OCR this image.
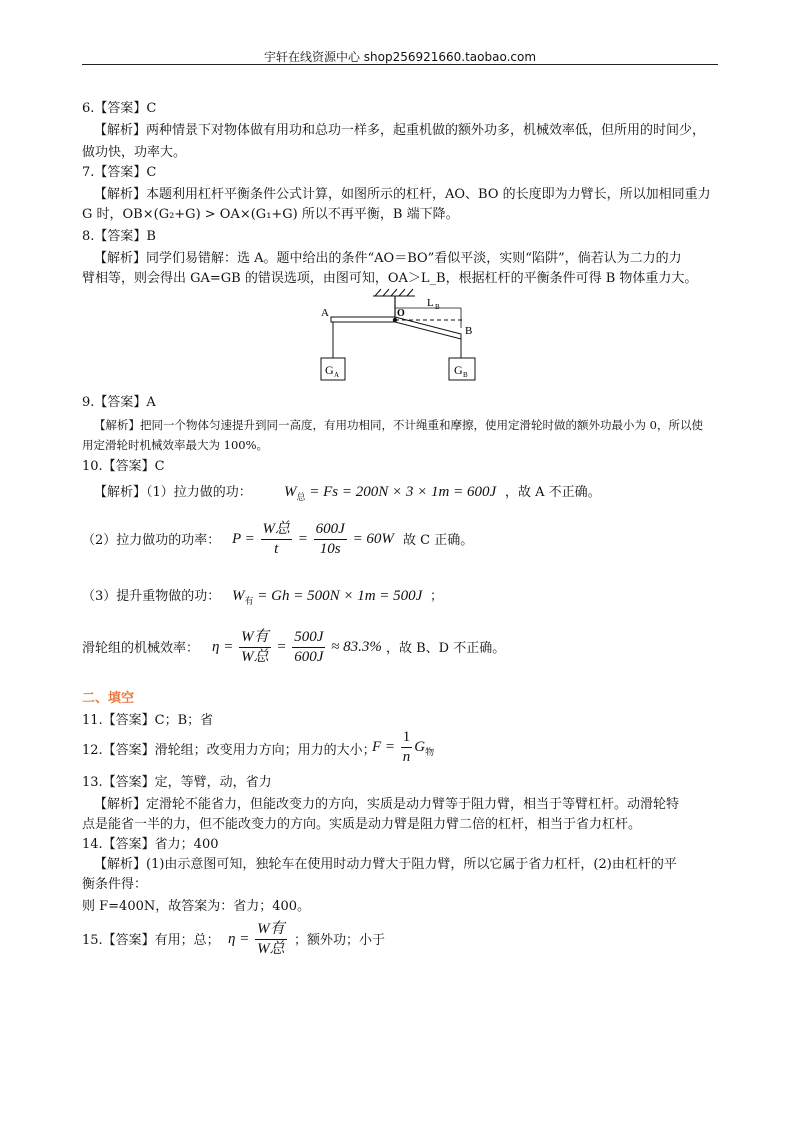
宇轩在线资源中心 shop256921660.taobao.com
6.【答案】C
【解析】两种情景下对物体做有用功和总功一样多，起重机做的额外功多，机械效率低，但所用的时间少，
做功快，功率大。
7.【答案】C
【解析】本题利用杠杆平衡条件公式计算，如图所示的杠杆，AO、BO 的长度即为力臂长，所以加相同重力
G 时，OB×(G₂+G) > OA×(G₁+G) 所以不再平衡，B 端下降。
8.【答案】B
【解析】同学们易错解：选 A。题中给出的条件“AO＝BO”看似平淡，实则“陷阱”，倘若认为二力的力
臂相等，则会得出 GA=GB 的错误选项，由图可知，OA＞L_B，根据杠杆的平衡条件可得 B 物体重力大。
A	O
B
L B
G A	G B
9.【答案】A
【解析】把同一个物体匀速提升到同一高度，有用功相同，不计绳重和摩擦，使用定滑轮时做的额外功最小为 0，所以使
用定滑轮时机械效率最大为 100%。
10.【答案】C
【解析】（1）拉力做的功： $W_总 = Fs = 200N \times 3 \times 1m = 600J$ ，故 A 不正确。
（2）拉力做功的功率： $P = \frac{\text{W总}}{t} = \frac{600J}{10s} = 60W$ 故 C 正确。
（3）提升重物做的功： $W_有 = Gh = 500N \times 1m = 500J$ ；
滑轮组的机械效率： $\eta = \frac{\text{W有}}{\text{W总}} = \frac{500J}{600J} \approx 83.3\%$ ，故 B、D 不正确。
二、填空
11.【答案】C；B；省
12.【答案】滑轮组；改变用力方向；用力的大小；
$F = \frac{1}{n} G_物$
13.【答案】定，等臂，动，省力
【解析】定滑轮不能省力，但能改变力的方向，实质是动力臂等于阻力臂，相当于等臂杠杆。动滑轮特
点是能省一半的力，但不能改变力的方向。实质是动力臂是阻力臂二倍的杠杆，相当于省力杠杆。
14.【答案】省力；400
【解析】(1)由示意图可知，独轮车在使用时动力臂大于阻力臂，所以它属于省力杠杆，(2)由杠杆的平
衡条件得：
则 F=400N，故答案为：省力；400。
15.【答案】有用；总； $\eta = \frac{\text{W有}}{\text{W总}}$ ；额外功；小于
